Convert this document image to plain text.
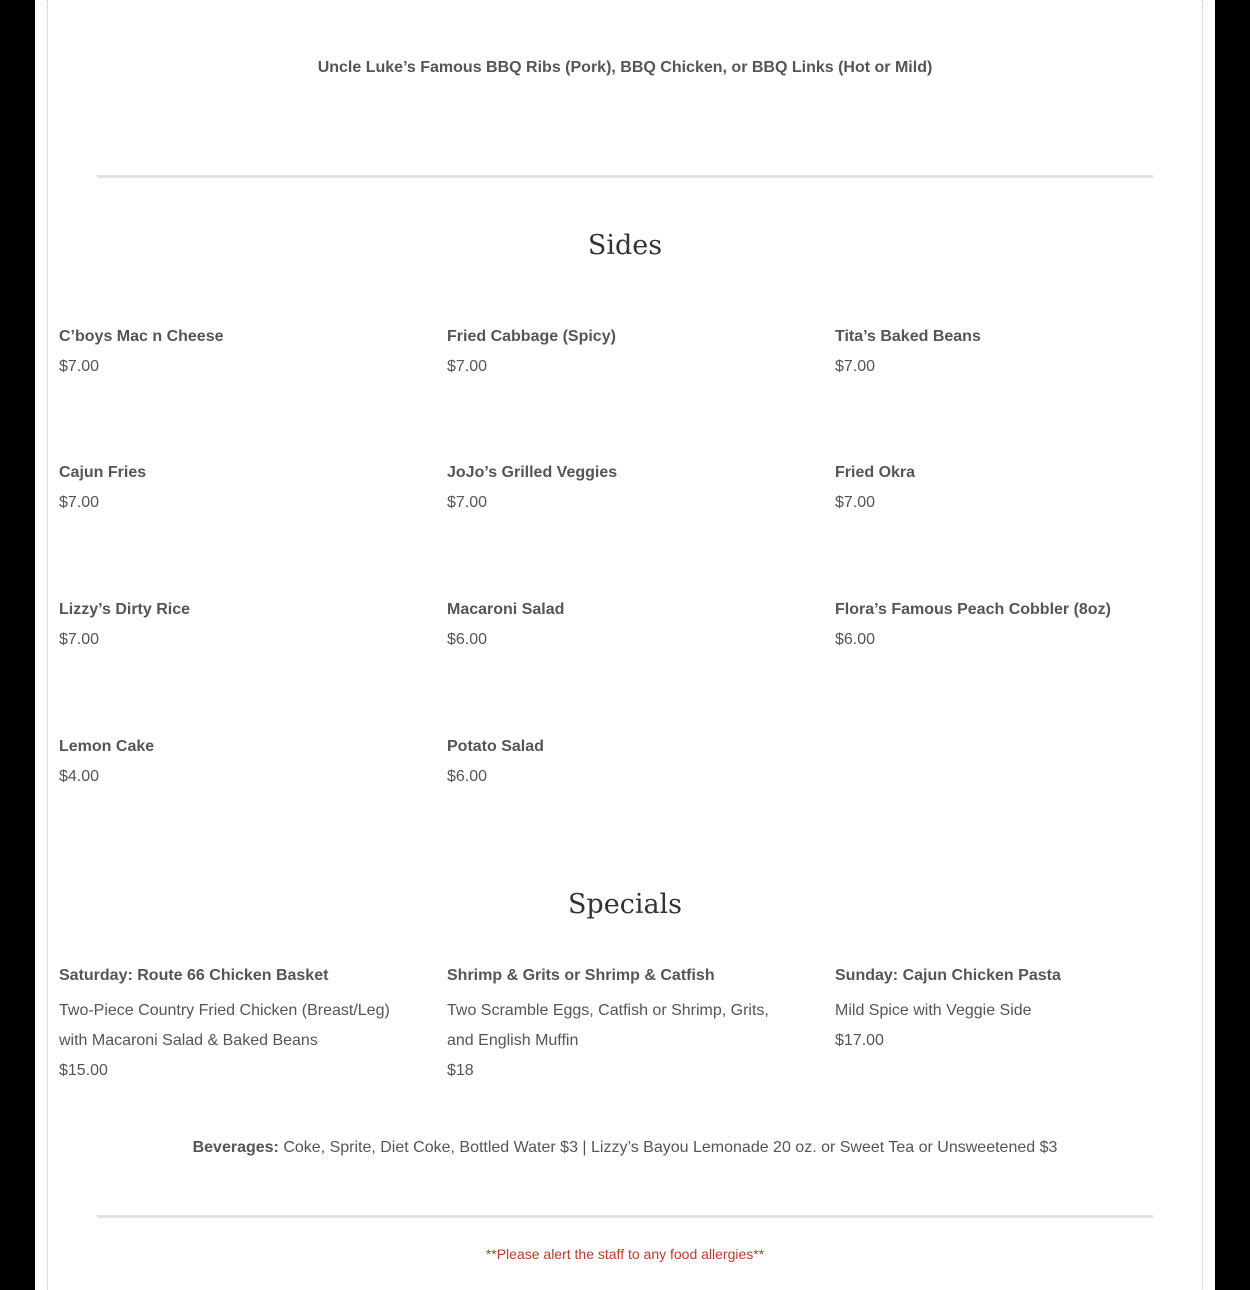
Uncle Luke’s Famous BBQ Ribs (Pork), BBQ Chicken, or BBQ Links (Hot or Mild)
Sides
C’boys Mac n Cheese
$7.00
Fried Cabbage (Spicy)
$7.00
Tita’s Baked Beans
$7.00
Cajun Fries
$7.00
JoJo’s Grilled Veggies
$7.00
Fried Okra
$7.00
Lizzy’s Dirty Rice
$7.00
Macaroni Salad
$6.00
Flora’s Famous Peach Cobbler (8oz)
$6.00
Lemon Cake
$4.00
Potato Salad
$6.00
Specials
Saturday: Route 66 Chicken Basket
Two-Piece Country Fried Chicken (Breast/Leg)
with Macaroni Salad & Baked Beans
$15.00
Shrimp & Grits or Shrimp & Catfish
Two Scramble Eggs, Catfish or Shrimp, Grits,
and English Muffin
$18
Sunday: Cajun Chicken Pasta
Mild Spice with Veggie Side
$17.00
Beverages: Coke, Sprite, Diet Coke, Bottled Water $3 | Lizzy’s Bayou Lemonade 20 oz. or Sweet Tea or Unsweetened $3
**Please alert the staff to any food allergies**
